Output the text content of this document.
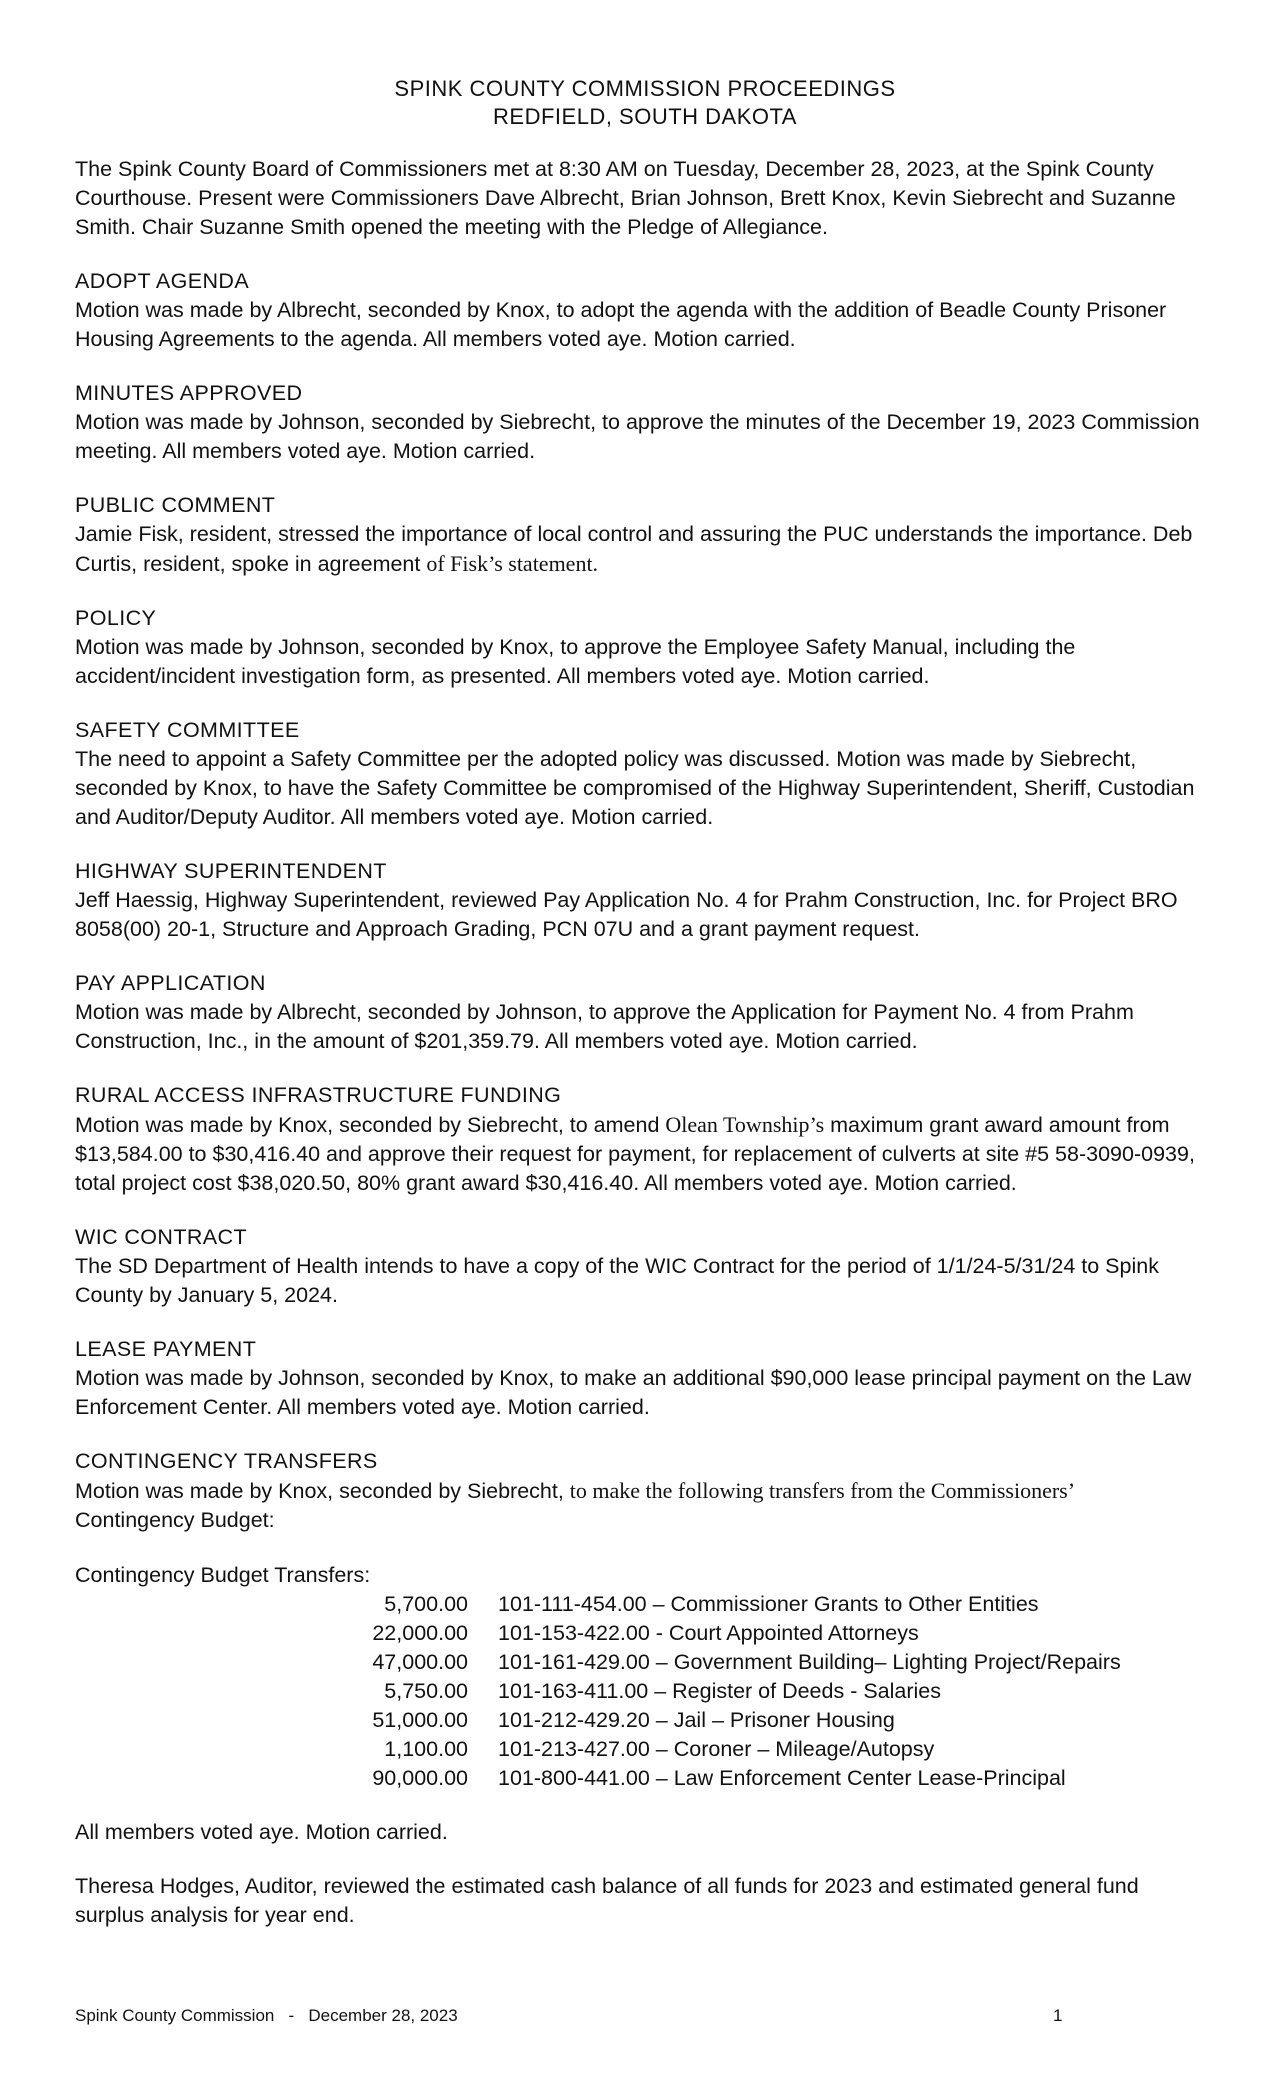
SPINK COUNTY COMMISSION PROCEEDINGS
REDFIELD, SOUTH DAKOTA

The Spink County Board of Commissioners met at 8:30 AM on Tuesday, December 28, 2023, at the Spink County Courthouse. Present were Commissioners Dave Albrecht, Brian Johnson, Brett Knox, Kevin Siebrecht and Suzanne Smith. Chair Suzanne Smith opened the meeting with the Pledge of Allegiance.

ADOPT AGENDA

Motion was made by Albrecht, seconded by Knox, to adopt the agenda with the addition of Beadle County Prisoner Housing Agreements to the agenda. All members voted aye. Motion carried.

MINUTES APPROVED

Motion was made by Johnson, seconded by Siebrecht, to approve the minutes of the December 19, 2023 Commission meeting. All members voted aye. Motion carried.

PUBLIC COMMENT

Jamie Fisk, resident, stressed the importance of local control and assuring the PUC understands the importance. Deb Curtis, resident, spoke in agreement of Fisk’s statement.

POLICY

Motion was made by Johnson, seconded by Knox, to approve the Employee Safety Manual, including the accident/incident investigation form, as presented. All members voted aye. Motion carried.

SAFETY COMMITTEE

The need to appoint a Safety Committee per the adopted policy was discussed. Motion was made by Siebrecht, seconded by Knox, to have the Safety Committee be compromised of the Highway Superintendent, Sheriff, Custodian and Auditor/Deputy Auditor. All members voted aye. Motion carried.

HIGHWAY SUPERINTENDENT

Jeff Haessig, Highway Superintendent, reviewed Pay Application No. 4 for Prahm Construction, Inc. for Project BRO 8058(00) 20-1, Structure and Approach Grading, PCN 07U and a grant payment request.

PAY APPLICATION

Motion was made by Albrecht, seconded by Johnson, to approve the Application for Payment No. 4 from Prahm Construction, Inc., in the amount of $201,359.79. All members voted aye. Motion carried.

RURAL ACCESS INFRASTRUCTURE FUNDING

Motion was made by Knox, seconded by Siebrecht, to amend Olean Township’s maximum grant award amount from $13,584.00 to $30,416.40 and approve their request for payment, for replacement of culverts at site #5 58-3090-0939, total project cost $38,020.50, 80% grant award $30,416.40. All members voted aye. Motion carried.

WIC CONTRACT

The SD Department of Health intends to have a copy of the WIC Contract for the period of 1/1/24-5/31/24 to Spink County by January 5, 2024.

LEASE PAYMENT

Motion was made by Johnson, seconded by Knox, to make an additional $90,000 lease principal payment on the Law Enforcement Center. All members voted aye. Motion carried.

CONTINGENCY TRANSFERS

Motion was made by Knox, seconded by Siebrecht, to make the following transfers from the Commissioners’
Contingency Budget:

Contingency Budget Transfers:

5,700.00	101-111-454.00 – Commissioner Grants to Other Entities
22,000.00	101-153-422.00 - Court Appointed Attorneys
47,000.00	101-161-429.00 – Government Building– Lighting Project/Repairs
5,750.00	101-163-411.00 – Register of Deeds - Salaries
51,000.00	101-212-429.20 – Jail – Prisoner Housing
1,100.00	101-213-427.00 – Coroner – Mileage/Autopsy
90,000.00	101-800-441.00 – Law Enforcement Center Lease-Principal

All members voted aye. Motion carried.

Theresa Hodges, Auditor, reviewed the estimated cash balance of all funds for 2023 and estimated general fund surplus analysis for year end.

Spink County Commission   -   December 28, 2023	1
